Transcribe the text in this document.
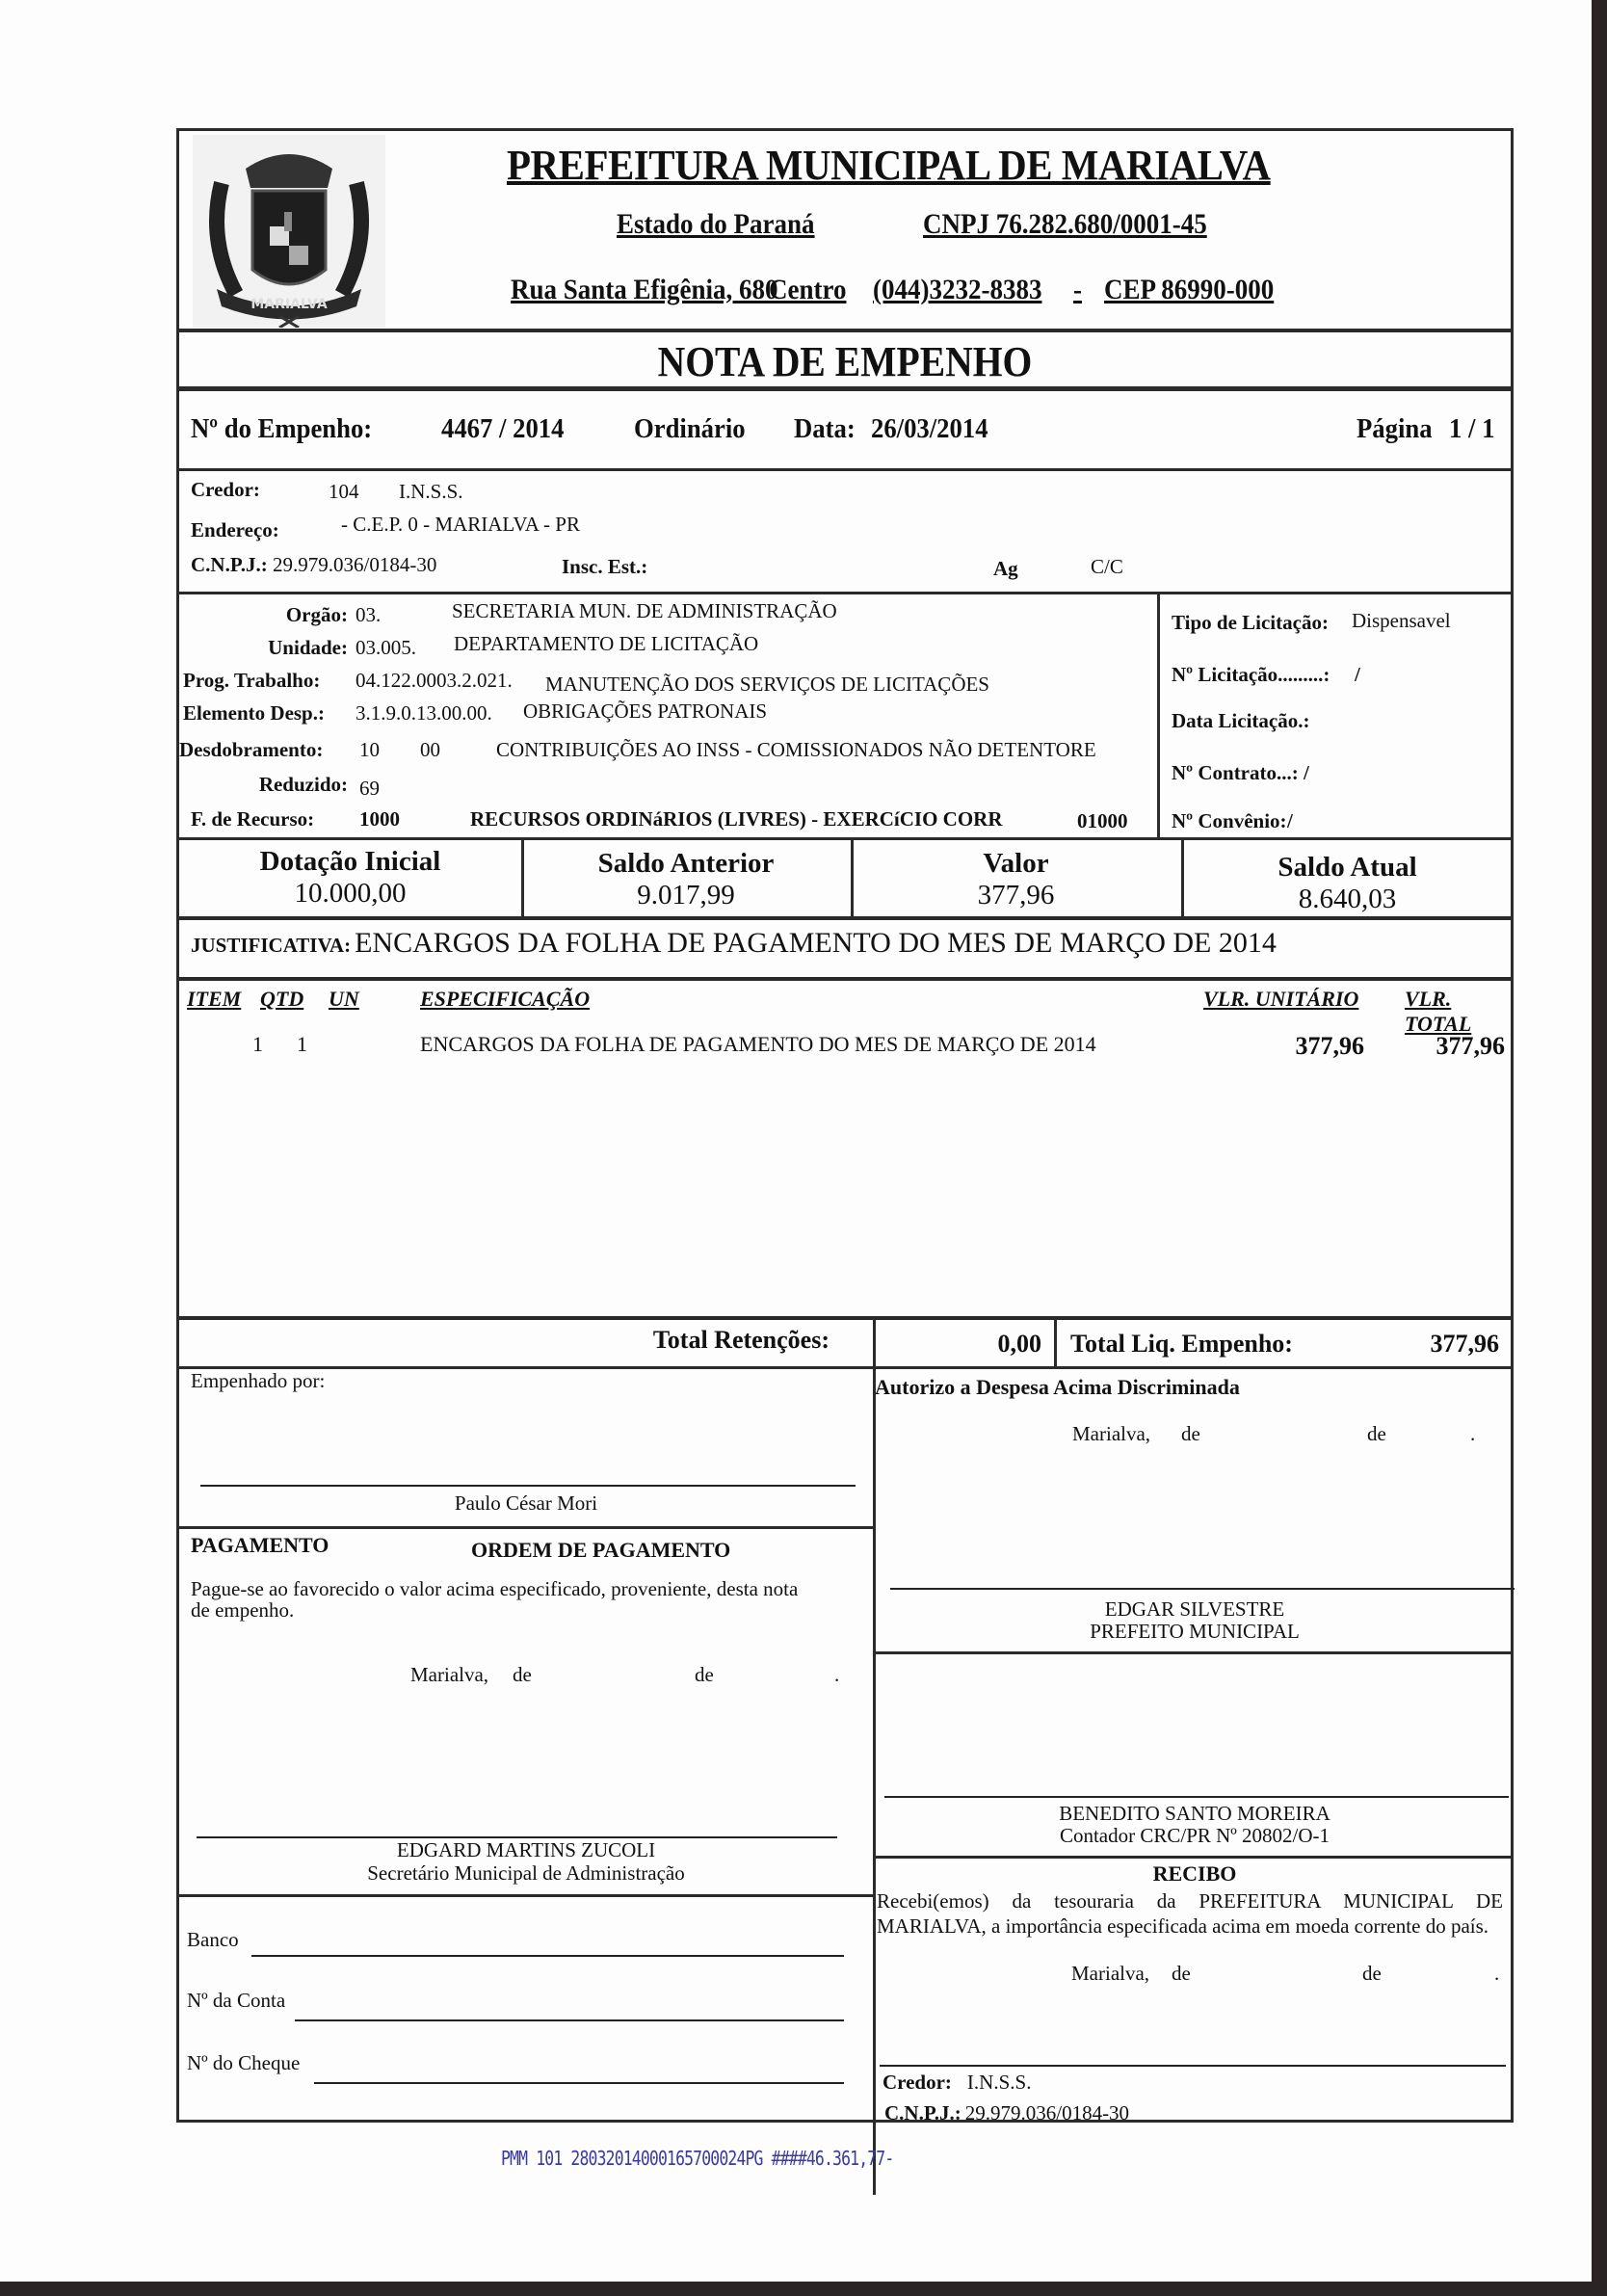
MARIALVA
PREFEITURA MUNICIPAL DE MARIALVA
Estado do Paraná	CNPJ 76.282.680/0001-45
Rua Santa Efigênia, 680
Centro (044)3232-8383 - CEP 86990-000
NOTA DE EMPENHO
Nº do Empenho: 4467 / 2014	Ordinário Data: 26/03/2014	Página 1 / 1
Credor:	104 I.N.S.S.
Endereço:	- C.E.P. 0 - MARIALVA - PR
C.N.P.J.: 29.979.036/0184-30	Insc. Est.:	Ag	C/C
Orgão: 03.	SECRETARIA MUN. DE ADMINISTRAÇÃO
Unidade: 03.005. DEPARTAMENTO DE LICITAÇÃO
Prog. Trabalho: 04.122.0003.2.021. MANUTENÇÃO DOS SERVIÇOS DE LICITAÇÕES
Elemento Desp.: 3.1.9.0.13.00.00. OBRIGAÇÕES PATRONAIS
Desdobramento: 10 00	CONTRIBUIÇÕES AO INSS - COMISSIONADOS NÃO DETENTORE
Reduzido: 69
F. de Recurso: 1000	RECURSOS ORDINáRIOS (LIVRES) - EXERCíCIO CORR	01000
Tipo de Licitação: Dispensavel
Nº Licitação.........: /
Data Licitação.:
Nº Contrato...: /
Nº Convênio: /
Dotação Inicial
10.000,00
Saldo Anterior
9.017,99
Valor
377,96
Saldo Atual
8.640,03
JUSTIFICATIVA: ENCARGOS DA FOLHA DE PAGAMENTO DO MES DE MARÇO DE 2014
ITEM QTD UN	ESPECIFICAÇÃO	VLR. UNITÁRIO VLR. TOTAL
1 1	ENCARGOS DA FOLHA DE PAGAMENTO DO MES DE MARÇO DE 2014	377,96	377,96
Total Retenções:	0,00 Total Liq. Empenho:	377,96
Empenhado por:
Paulo César Mori
Autorizo a Despesa Acima Discriminada
Marialva, de	de	.
PAGAMENTO	ORDEM DE PAGAMENTO
Pague-se ao favorecido o valor acima especificado, proveniente, desta nota de empenho.
Marialva, de	de	.
EDGARD MARTINS ZUCOLI
Secretário Municipal de Administração
Banco
Nº da Conta
Nº do Cheque
EDGAR SILVESTRE
PREFEITO MUNICIPAL
BENEDITO SANTO MOREIRA
Contador CRC/PR Nº 20802/O-1
RECIBO
Recebi(emos) da tesouraria da PREFEITURA MUNICIPAL DE MARIALVA, a importância especificada acima em moeda corrente do país.
Marialva, de	de	.
Credor: I.N.S.S.
C.N.P.J.: 29.979.036/0184-30
PMM 101 28032014000165700024PG ####46.361,77-
